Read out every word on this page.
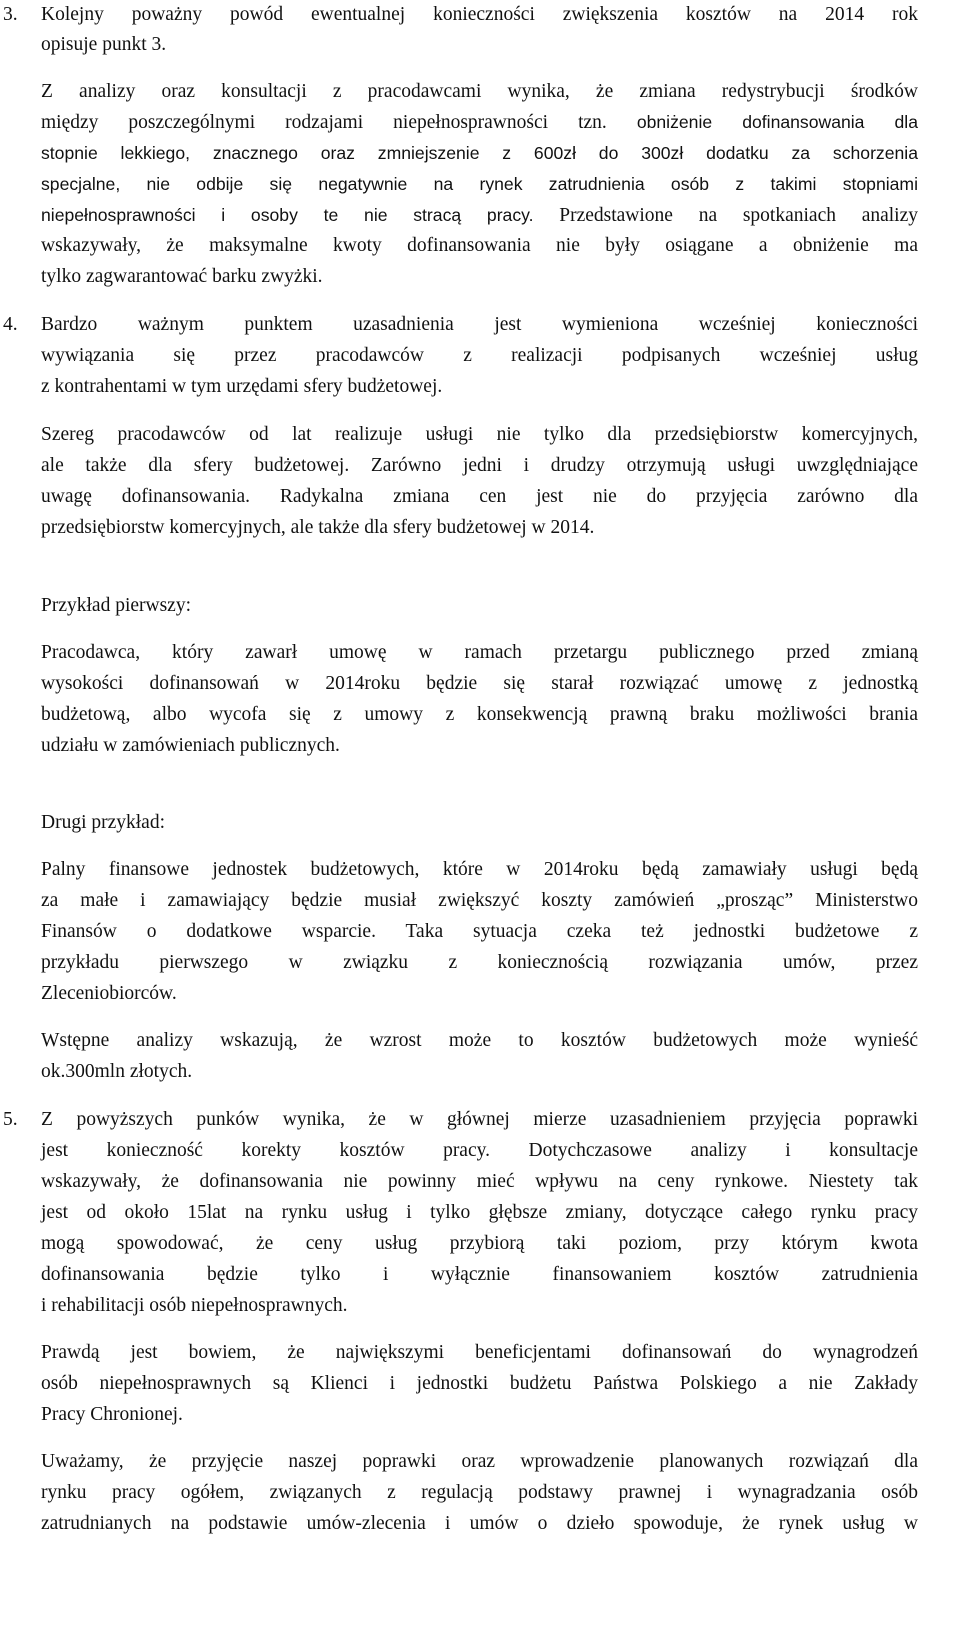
3. Kolejny poważny powód ewentualnej konieczności zwiększenia kosztów na 2014 rok
opisuje punkt 3.
Z analizy oraz konsultacji z pracodawcami wynika, że zmiana redystrybucji środków
między poszczególnymi rodzajami niepełnosprawności tzn. obniżenie dofinansowania dla
stopnie lekkiego, znacznego oraz zmniejszenie z 600zł do 300zł dodatku za schorzenia
specjalne, nie odbije się negatywnie na rynek zatrudnienia osób z takimi stopniami
niepełnosprawności i osoby te nie stracą pracy. Przedstawione na spotkaniach analizy
wskazywały, że maksymalne kwoty dofinansowania nie były osiągane a obniżenie ma
tylko zagwarantować barku zwyżki.
4. Bardzo ważnym punktem uzasadnienia jest wymieniona wcześniej konieczności
wywiązania się przez pracodawców z realizacji podpisanych wcześniej usług
z kontrahentami w tym urzędami sfery budżetowej.
Szereg pracodawców od lat realizuje usługi nie tylko dla przedsiębiorstw komercyjnych,
ale także dla sfery budżetowej. Zarówno jedni i drudzy otrzymują usługi uwzględniające
uwagę dofinansowania. Radykalna zmiana cen jest nie do przyjęcia zarówno dla
przedsiębiorstw komercyjnych, ale także dla sfery budżetowej w 2014.
Przykład pierwszy:
Pracodawca, który zawarł umowę w ramach przetargu publicznego przed zmianą
wysokości dofinansowań w 2014roku będzie się starał rozwiązać umowę z jednostką
budżetową, albo wycofa się z umowy z konsekwencją prawną braku możliwości brania
udziału w zamówieniach publicznych.
Drugi przykład:
Palny finansowe jednostek budżetowych, które w 2014roku będą zamawiały usługi będą
za małe i zamawiający będzie musiał zwiększyć koszty zamówień „prosząc” Ministerstwo
Finansów o dodatkowe wsparcie. Taka sytuacja czeka też jednostki budżetowe z
przykładu pierwszego w związku z koniecznością rozwiązania umów, przez
Zleceniobiorców.
Wstępne analizy wskazują, że wzrost może to kosztów budżetowych może wynieść
ok.300mln złotych.
5. Z powyższych punków wynika, że w głównej mierze uzasadnieniem przyjęcia poprawki
jest konieczność korekty kosztów pracy. Dotychczasowe analizy i konsultacje
wskazywały, że dofinansowania nie powinny mieć wpływu na ceny rynkowe. Niestety tak
jest od około 15lat na rynku usług i tylko głębsze zmiany, dotyczące całego rynku pracy
mogą spowodować, że ceny usług przybiorą taki poziom, przy którym kwota
dofinansowania będzie tylko i wyłącznie finansowaniem kosztów zatrudnienia
i rehabilitacji osób niepełnosprawnych.
Prawdą jest bowiem, że największymi beneficjentami dofinansowań do wynagrodzeń
osób niepełnosprawnych są Klienci i jednostki budżetu Państwa Polskiego a nie Zakłady
Pracy Chronionej.
Uważamy, że przyjęcie naszej poprawki oraz wprowadzenie planowanych rozwiązań dla
rynku pracy ogółem, związanych z regulacją podstawy prawnej i wynagradzania osób
zatrudnianych na podstawie umów-zlecenia i umów o dzieło spowoduje, że rynek usług w
